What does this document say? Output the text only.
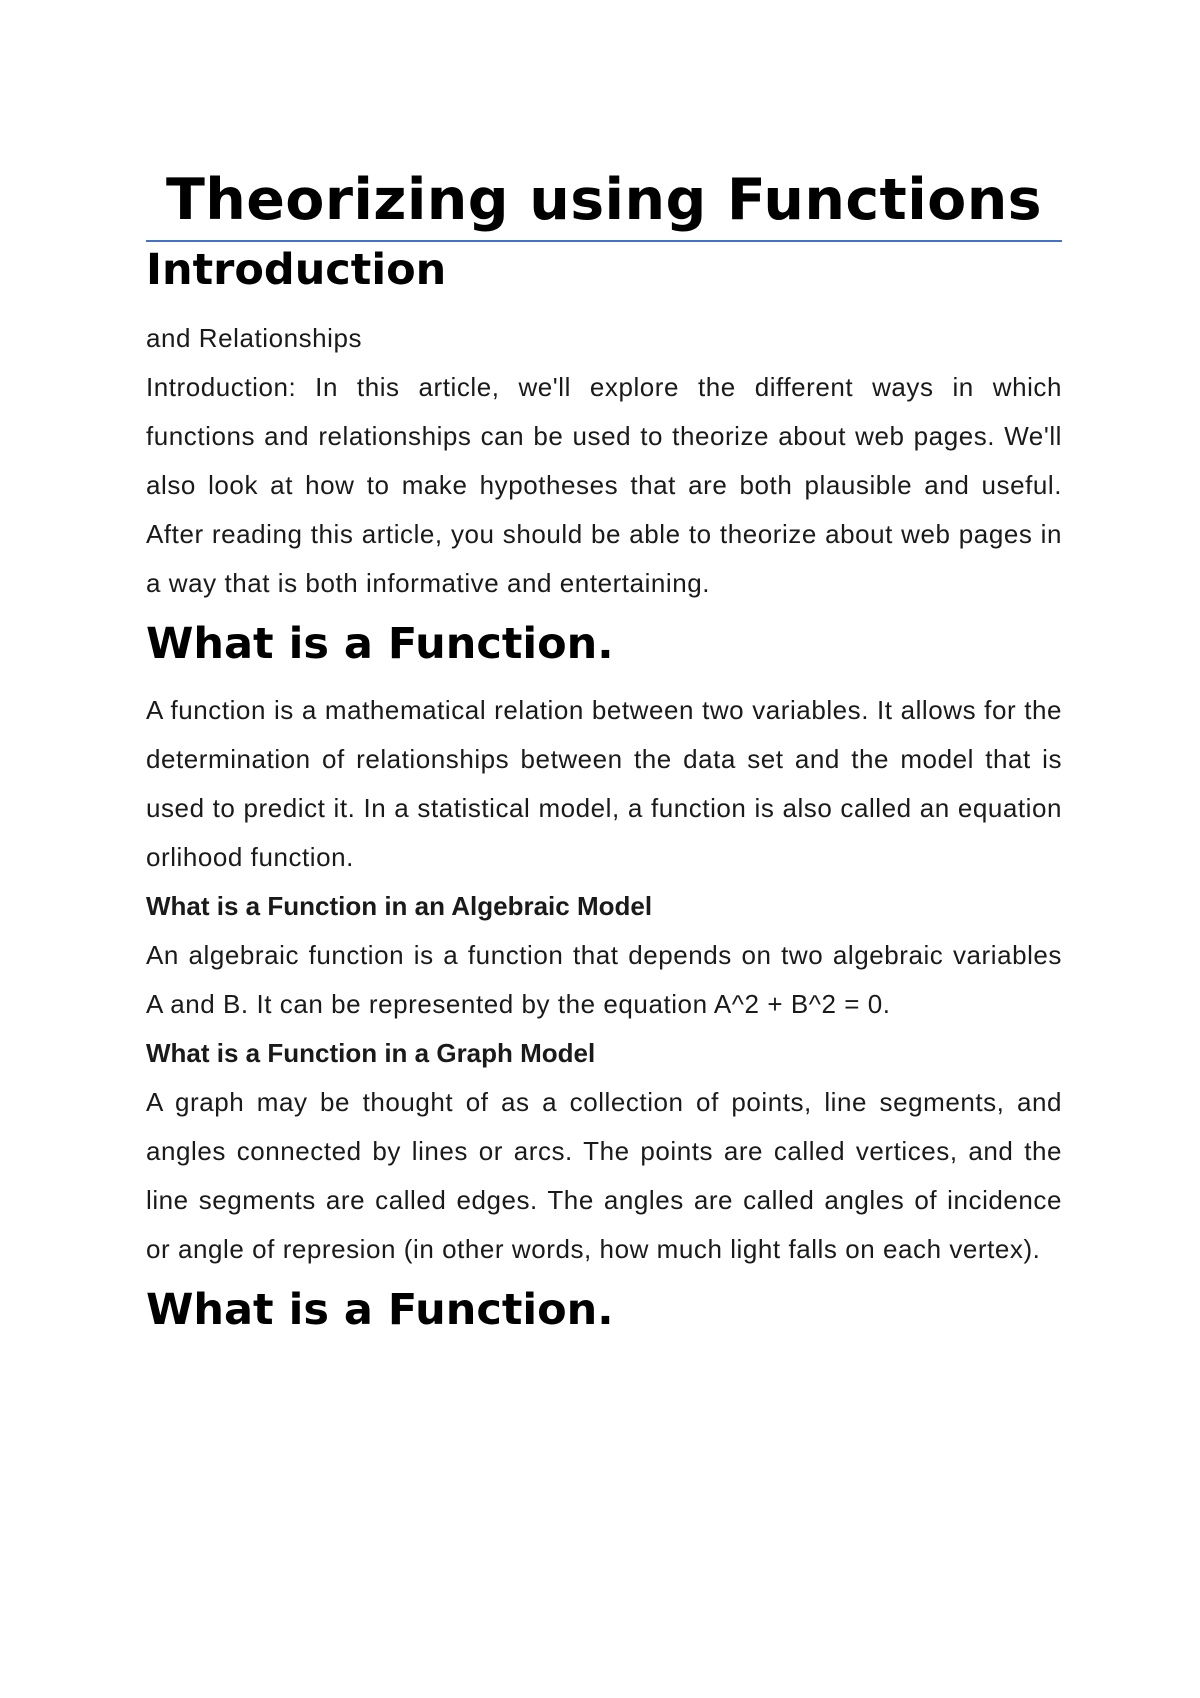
Theorizing using Functions
Introduction

and Relationships

Introduction: In this article, we'll explore the different ways in which functions and relationships can be used to theorize about web pages. We'll also look at how to make hypotheses that are both plausible and useful. After reading this article, you should be able to theorize about web pages in a way that is both informative and entertaining.

What is a Function.

A function is a mathematical relation between two variables. It allows for the determination of relationships between the data set and the model that is used to predict it. In a statistical model, a function is also called an equation orlihood function.

What is a Function in an Algebraic Model

An algebraic function is a function that depends on two algebraic variables A and B. It can be represented by the equation A^2 + B^2 = 0.

What is a Function in a Graph Model

A graph may be thought of as a collection of points, line segments, and angles connected by lines or arcs. The points are called vertices, and the line segments are called edges. The angles are called angles of incidence or angle of represion (in other words, how much light falls on each vertex).

What is a Function.
